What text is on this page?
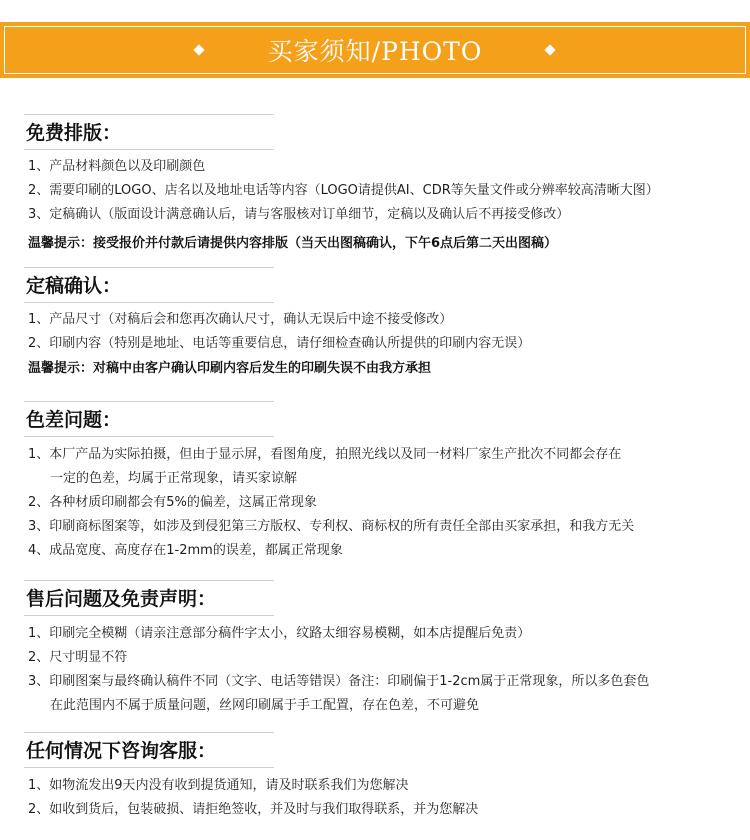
买家须知/PHOTO
免费排版：
1、产品材料颜色以及印刷颜色
2、需要印刷的LOGO、店名以及地址电话等内容（LOGO请提供AI、CDR等矢量文件或分辨率较高清晰大图）
3、定稿确认（版面设计满意确认后，请与客服核对订单细节，定稿以及确认后不再接受修改）
温馨提示：接受报价并付款后请提供内容排版（当天出图稿确认，下午6点后第二天出图稿）
定稿确认：
1、产品尺寸（对稿后会和您再次确认尺寸，确认无误后中途不接受修改）
2、印刷内容（特别是地址、电话等重要信息，请仔细检查确认所提供的印刷内容无误）
温馨提示：对稿中由客户确认印刷内容后发生的印刷失误不由我方承担
色差问题：
1、本厂产品为实际拍摄，但由于显示屏，看图角度，拍照光线以及同一材料厂家生产批次不同都会存在
一定的色差，均属于正常现象，请买家谅解
2、各种材质印刷都会有5%的偏差，这属正常现象
3、印刷商标图案等，如涉及到侵犯第三方版权、专利权、商标权的所有责任全部由买家承担，和我方无关
4、成品宽度、高度存在1-2mm的误差，都属正常现象
售后问题及免责声明：
1、印刷完全模糊（请亲注意部分稿件字太小，纹路太细容易模糊，如本店提醒后免责）
2、尺寸明显不符
3、印刷图案与最终确认稿件不同（文字、电话等错误）备注：印刷偏于1-2cm属于正常现象，所以多色套色
在此范围内不属于质量问题，丝网印刷属于手工配置，存在色差，不可避免
任何情况下咨询客服：
1、如物流发出9天内没有收到提货通知，请及时联系我们为您解决
2、如收到货后，包装破损、请拒绝签收，并及时与我们取得联系，并为您解决
